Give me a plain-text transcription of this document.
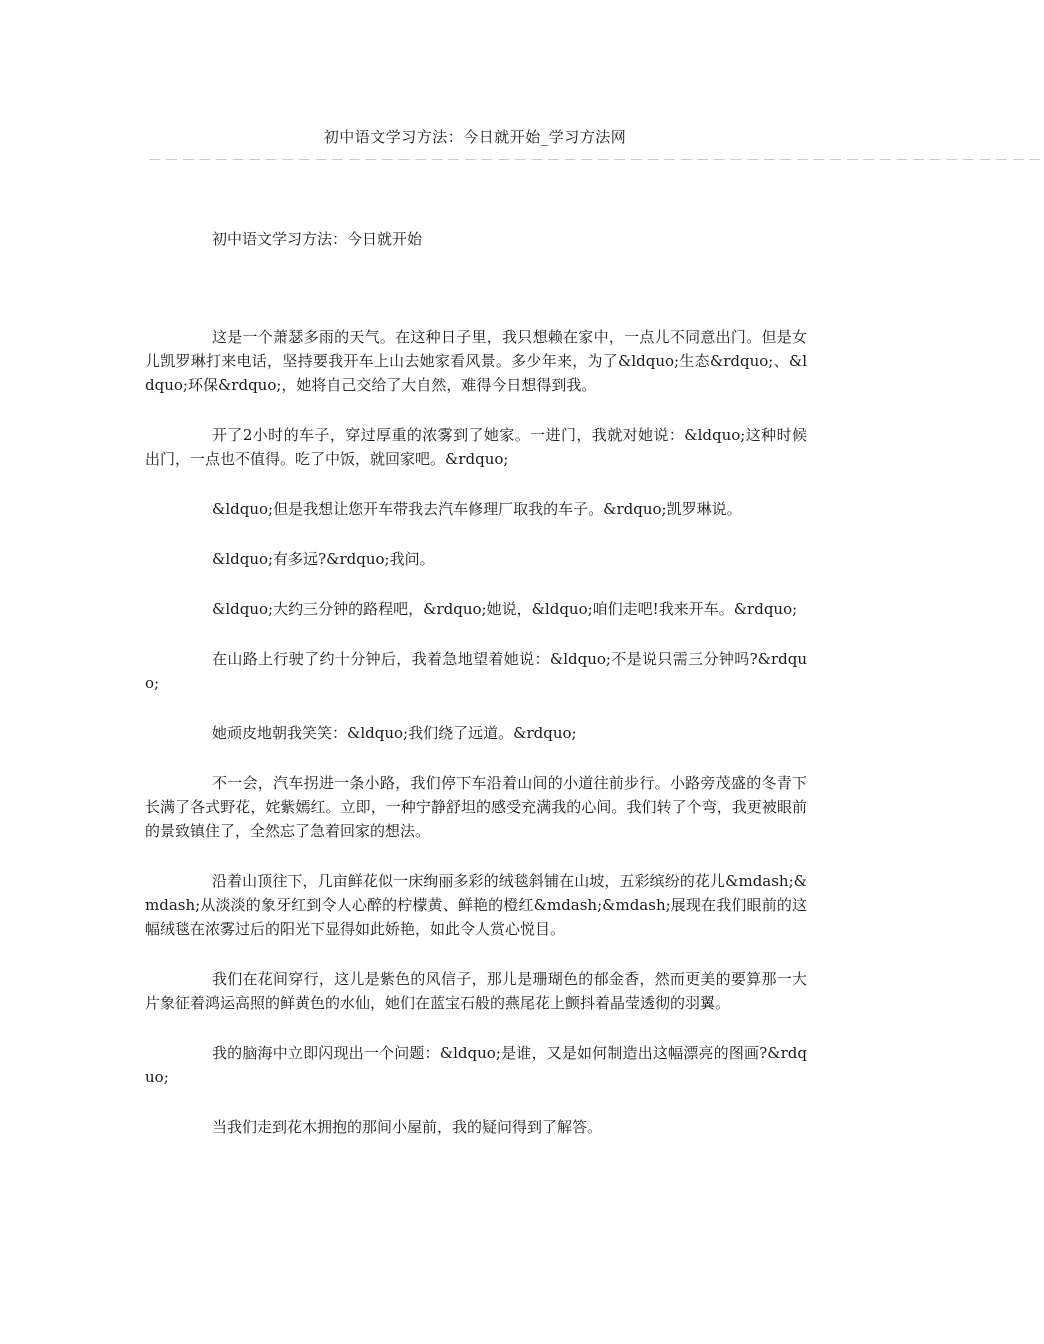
初中语文学习方法：今日就开始_学习方法网
－－－－－－－－－－－－－－－－－－－－－－－－－－－－－－－－－－－－－－－－－－－－－－－－－－－－－－

初中语文学习方法：今日就开始

这是一个萧瑟多雨的天气。在这种日子里，我只想赖在家中，一点儿不同意出门。但是女儿凯罗琳打来电话，坚持要我开车上山去她家看风景。多少年来，为了&ldquo;生态&rdquo;、&ldquo;环保&rdquo;，她将自己交给了大自然，难得今日想得到我。

开了2小时的车子，穿过厚重的浓雾到了她家。一进门，我就对她说：&ldquo;这种时候出门，一点也不值得。吃了中饭，就回家吧。&rdquo;

&ldquo;但是我想让您开车带我去汽车修理厂取我的车子。&rdquo;凯罗琳说。

&ldquo;有多远?&rdquo;我问。

&ldquo;大约三分钟的路程吧，&rdquo;她说，&ldquo;咱们走吧!我来开车。&rdquo;

在山路上行驶了约十分钟后，我着急地望着她说：&ldquo;不是说只需三分钟吗?&rdquo;

她顽皮地朝我笑笑：&ldquo;我们绕了远道。&rdquo;

不一会，汽车拐进一条小路，我们停下车沿着山间的小道往前步行。小路旁茂盛的冬青下长满了各式野花，姹紫嫣红。立即，一种宁静舒坦的感受充满我的心间。我们转了个弯，我更被眼前的景致镇住了，全然忘了急着回家的想法。

沿着山顶往下，几亩鲜花似一床绚丽多彩的绒毯斜铺在山坡，五彩缤纷的花儿&mdash;&mdash;从淡淡的象牙红到令人心醉的柠檬黄、鲜艳的橙红&mdash;&mdash;展现在我们眼前的这幅绒毯在浓雾过后的阳光下显得如此娇艳，如此令人赏心悦目。

我们在花间穿行，这儿是紫色的风信子，那儿是珊瑚色的郁金香，然而更美的要算那一大片象征着鸿运高照的鲜黄色的水仙，她们在蓝宝石般的燕尾花上颤抖着晶莹透彻的羽翼。

我的脑海中立即闪现出一个问题：&ldquo;是谁，又是如何制造出这幅漂亮的图画?&rdquo;

当我们走到花木拥抱的那间小屋前，我的疑问得到了解答。
